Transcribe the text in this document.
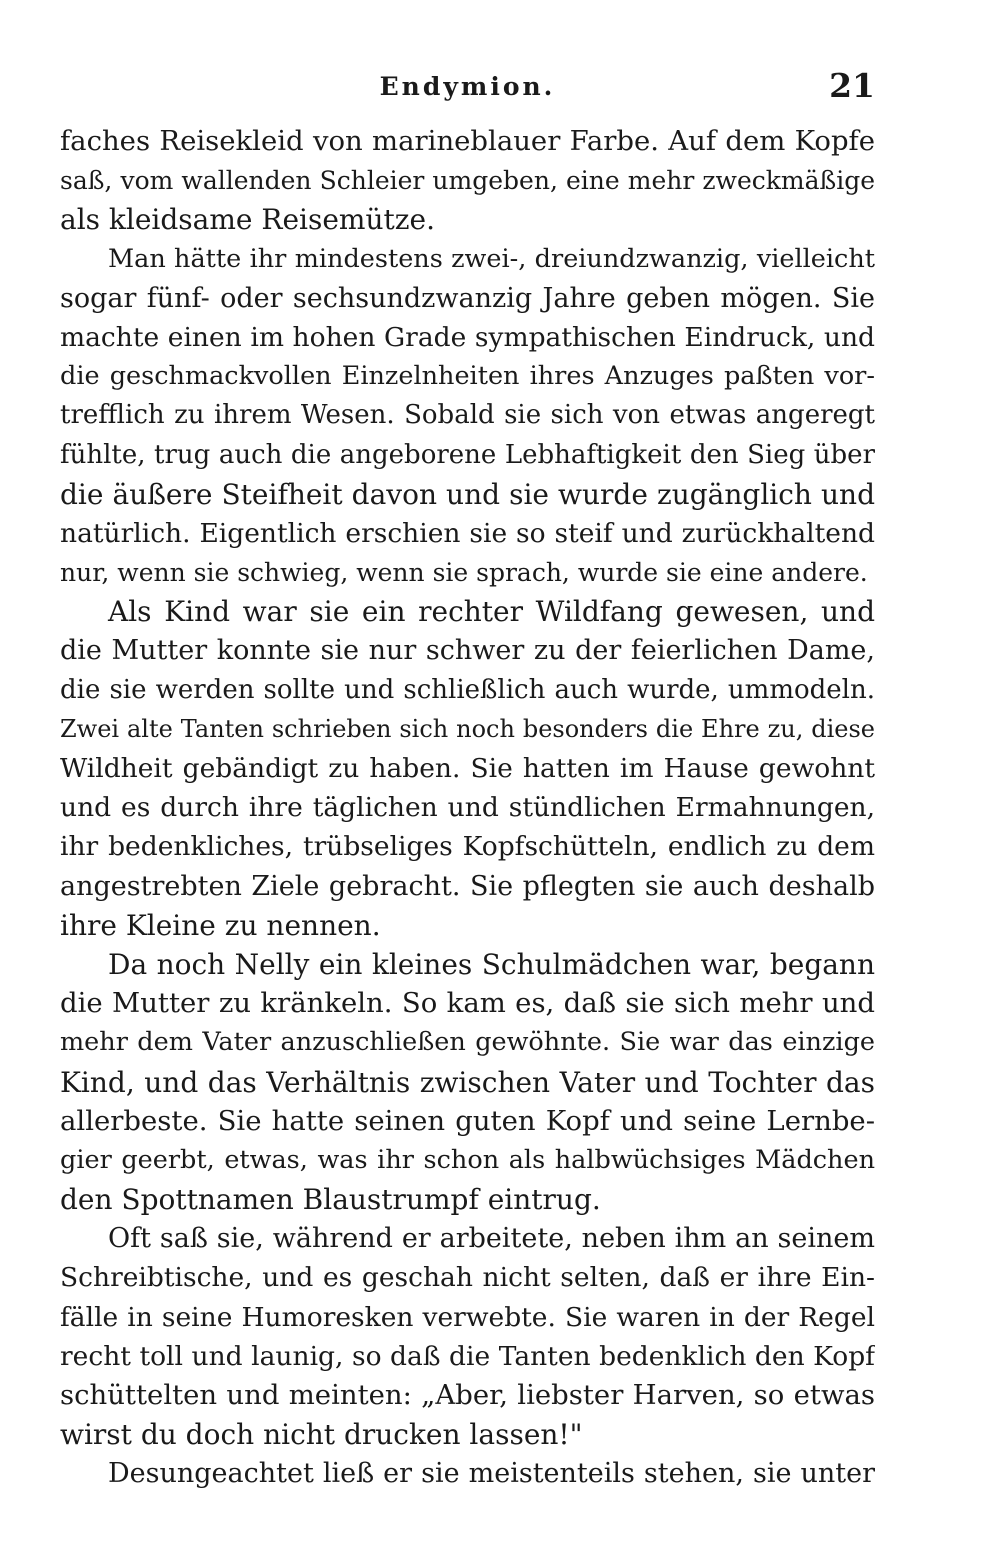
Endymion.	21
faches Reisekleid von marineblauer Farbe. Auf dem Kopfe
saß, vom wallenden Schleier umgeben, eine mehr zweckmäßige
als kleidsame Reisemütze.
Man hätte ihr mindestens zwei-, dreiundzwanzig, vielleicht
sogar fünf- oder sechsundzwanzig Jahre geben mögen. Sie
machte einen im hohen Grade sympathischen Eindruck, und
die geschmackvollen Einzelnheiten ihres Anzuges paßten vor-
trefflich zu ihrem Wesen. Sobald sie sich von etwas angeregt
fühlte, trug auch die angeborene Lebhaftigkeit den Sieg über
die äußere Steifheit davon und sie wurde zugänglich und
natürlich. Eigentlich erschien sie so steif und zurückhaltend
nur, wenn sie schwieg, wenn sie sprach, wurde sie eine andere.
Als Kind war sie ein rechter Wildfang gewesen, und
die Mutter konnte sie nur schwer zu der feierlichen Dame,
die sie werden sollte und schließlich auch wurde, ummodeln.
Zwei alte Tanten schrieben sich noch besonders die Ehre zu, diese
Wildheit gebändigt zu haben. Sie hatten im Hause gewohnt
und es durch ihre täglichen und stündlichen Ermahnungen,
ihr bedenkliches, trübseliges Kopfschütteln, endlich zu dem
angestrebten Ziele gebracht. Sie pflegten sie auch deshalb
ihre Kleine zu nennen.
Da noch Nelly ein kleines Schulmädchen war, begann
die Mutter zu kränkeln. So kam es, daß sie sich mehr und
mehr dem Vater anzuschließen gewöhnte. Sie war das einzige
Kind, und das Verhältnis zwischen Vater und Tochter das
allerbeste. Sie hatte seinen guten Kopf und seine Lernbe-
gier geerbt, etwas, was ihr schon als halbwüchsiges Mädchen
den Spottnamen Blaustrumpf eintrug.
Oft saß sie, während er arbeitete, neben ihm an seinem
Schreibtische, und es geschah nicht selten, daß er ihre Ein-
fälle in seine Humoresken verwebte. Sie waren in der Regel
recht toll und launig, so daß die Tanten bedenklich den Kopf
schüttelten und meinten: „Aber, liebster Harven, so etwas
wirst du doch nicht drucken lassen!"
Desungeachtet ließ er sie meistenteils stehen, sie unter
